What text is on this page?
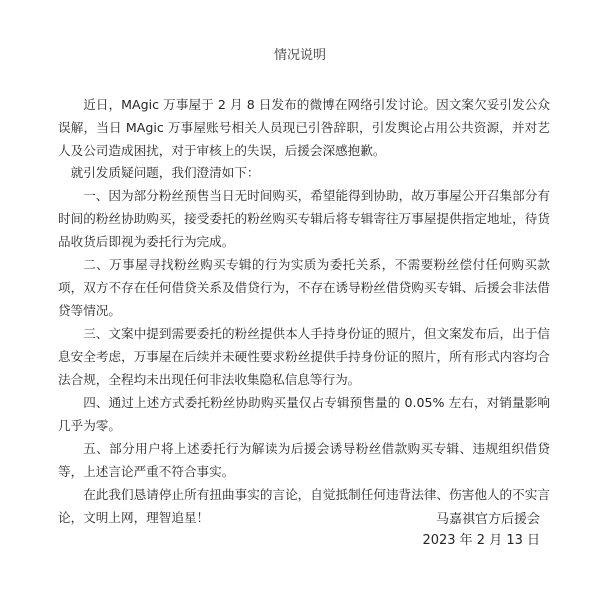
情况说明

近日，MAgic 万事屋于 2 月 8 日发布的微博在网络引发讨论。因文案欠妥引发公众误解，当日 MAgic 万事屋账号相关人员现已引咎辞职，引发舆论占用公共资源，并对艺人及公司造成困扰，对于审核上的失误，后援会深感抱歉。

就引发质疑问题，我们澄清如下：

一、因为部分粉丝预售当日无时间购买，希望能得到协助，故万事屋公开召集部分有时间的粉丝协助购买，接受委托的粉丝购买专辑后将专辑寄往万事屋提供指定地址，待货品收货后即视为委托行为完成。

二、万事屋寻找粉丝购买专辑的行为实质为委托关系，不需要粉丝偿付任何购买款项，双方不存在任何借贷关系及借贷行为，不存在诱导粉丝借贷购买专辑、后援会非法借贷等情况。

三、文案中提到需要委托的粉丝提供本人手持身份证的照片，但文案发布后，出于信息安全考虑，万事屋在后续并未硬性要求粉丝提供手持身份证的照片，所有形式内容均合法合规，全程均未出现任何非法收集隐私信息等行为。

四、通过上述方式委托粉丝协助购买量仅占专辑预售量的 0.05% 左右，对销量影响几乎为零。

五、部分用户将上述委托行为解读为后援会诱导粉丝借款购买专辑、违规组织借贷等，上述言论严重不符合事实。

在此我们恳请停止所有扭曲事实的言论，自觉抵制任何违背法律、伤害他人的不实言论，文明上网，理智追星！	马嘉祺官方后援会
2023 年 2 月 13 日
